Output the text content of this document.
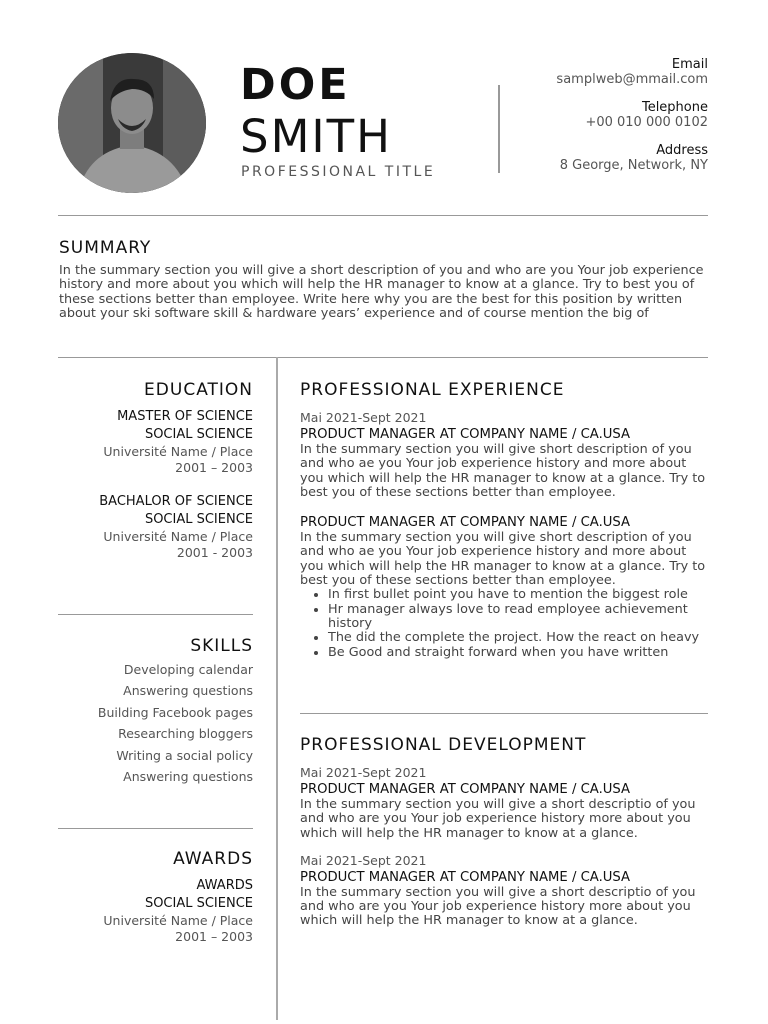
DOE
SMITH
PROFESSIONAL TITLE
Email
samplweb@mmail.com
Telephone
+00 010 000 0102
Address
8 George, Network, NY
SUMMARY
In the summary section you will give a short description of you and who are you Your job experience history and more about you which will help the HR manager to know at a glance. Try to best you of these sections better than employee. Write here why you are the best for this position by written about your ski software skill & hardware years’ experience and of course mention the big of
EDUCATION
MASTER OF SCIENCE
SOCIAL SCIENCE
Université Name / Place
2001 – 2003
BACHALOR OF SCIENCE
SOCIAL SCIENCE
Université Name / Place
2001 - 2003
SKILLS
Developing calendar
Answering questions
Building Facebook pages
Researching bloggers
Writing a social policy
Answering questions
AWARDS
AWARDS
SOCIAL SCIENCE
Université Name / Place
2001 – 2003
PROFESSIONAL EXPERIENCE
Mai 2021-Sept 2021
PRODUCT MANAGER AT COMPANY NAME / CA.USA
In the summary section you will give short description of you and who ae you Your job experience history and more about you which will help the HR manager to know at a glance. Try to best you of these sections better than employee.
PRODUCT MANAGER AT COMPANY NAME / CA.USA
In the summary section you will give short description of you and who ae you Your job experience history and more about you which will help the HR manager to know at a glance. Try to best you of these sections better than employee.
• In first bullet point you have to mention the biggest role
• Hr manager always love to read employee achievement history
• The did the complete the project. How the react on heavy
• Be Good and straight forward when you have written
PROFESSIONAL DEVELOPMENT
Mai 2021-Sept 2021
PRODUCT MANAGER AT COMPANY NAME / CA.USA
In the summary section you will give a short descriptio of you and who are you Your job experience history more about you which will help the HR manager to know at a glance.
Mai 2021-Sept 2021
PRODUCT MANAGER AT COMPANY NAME / CA.USA
In the summary section you will give a short descriptio of you and who are you Your job experience history more about you which will help the HR manager to know at a glance.
